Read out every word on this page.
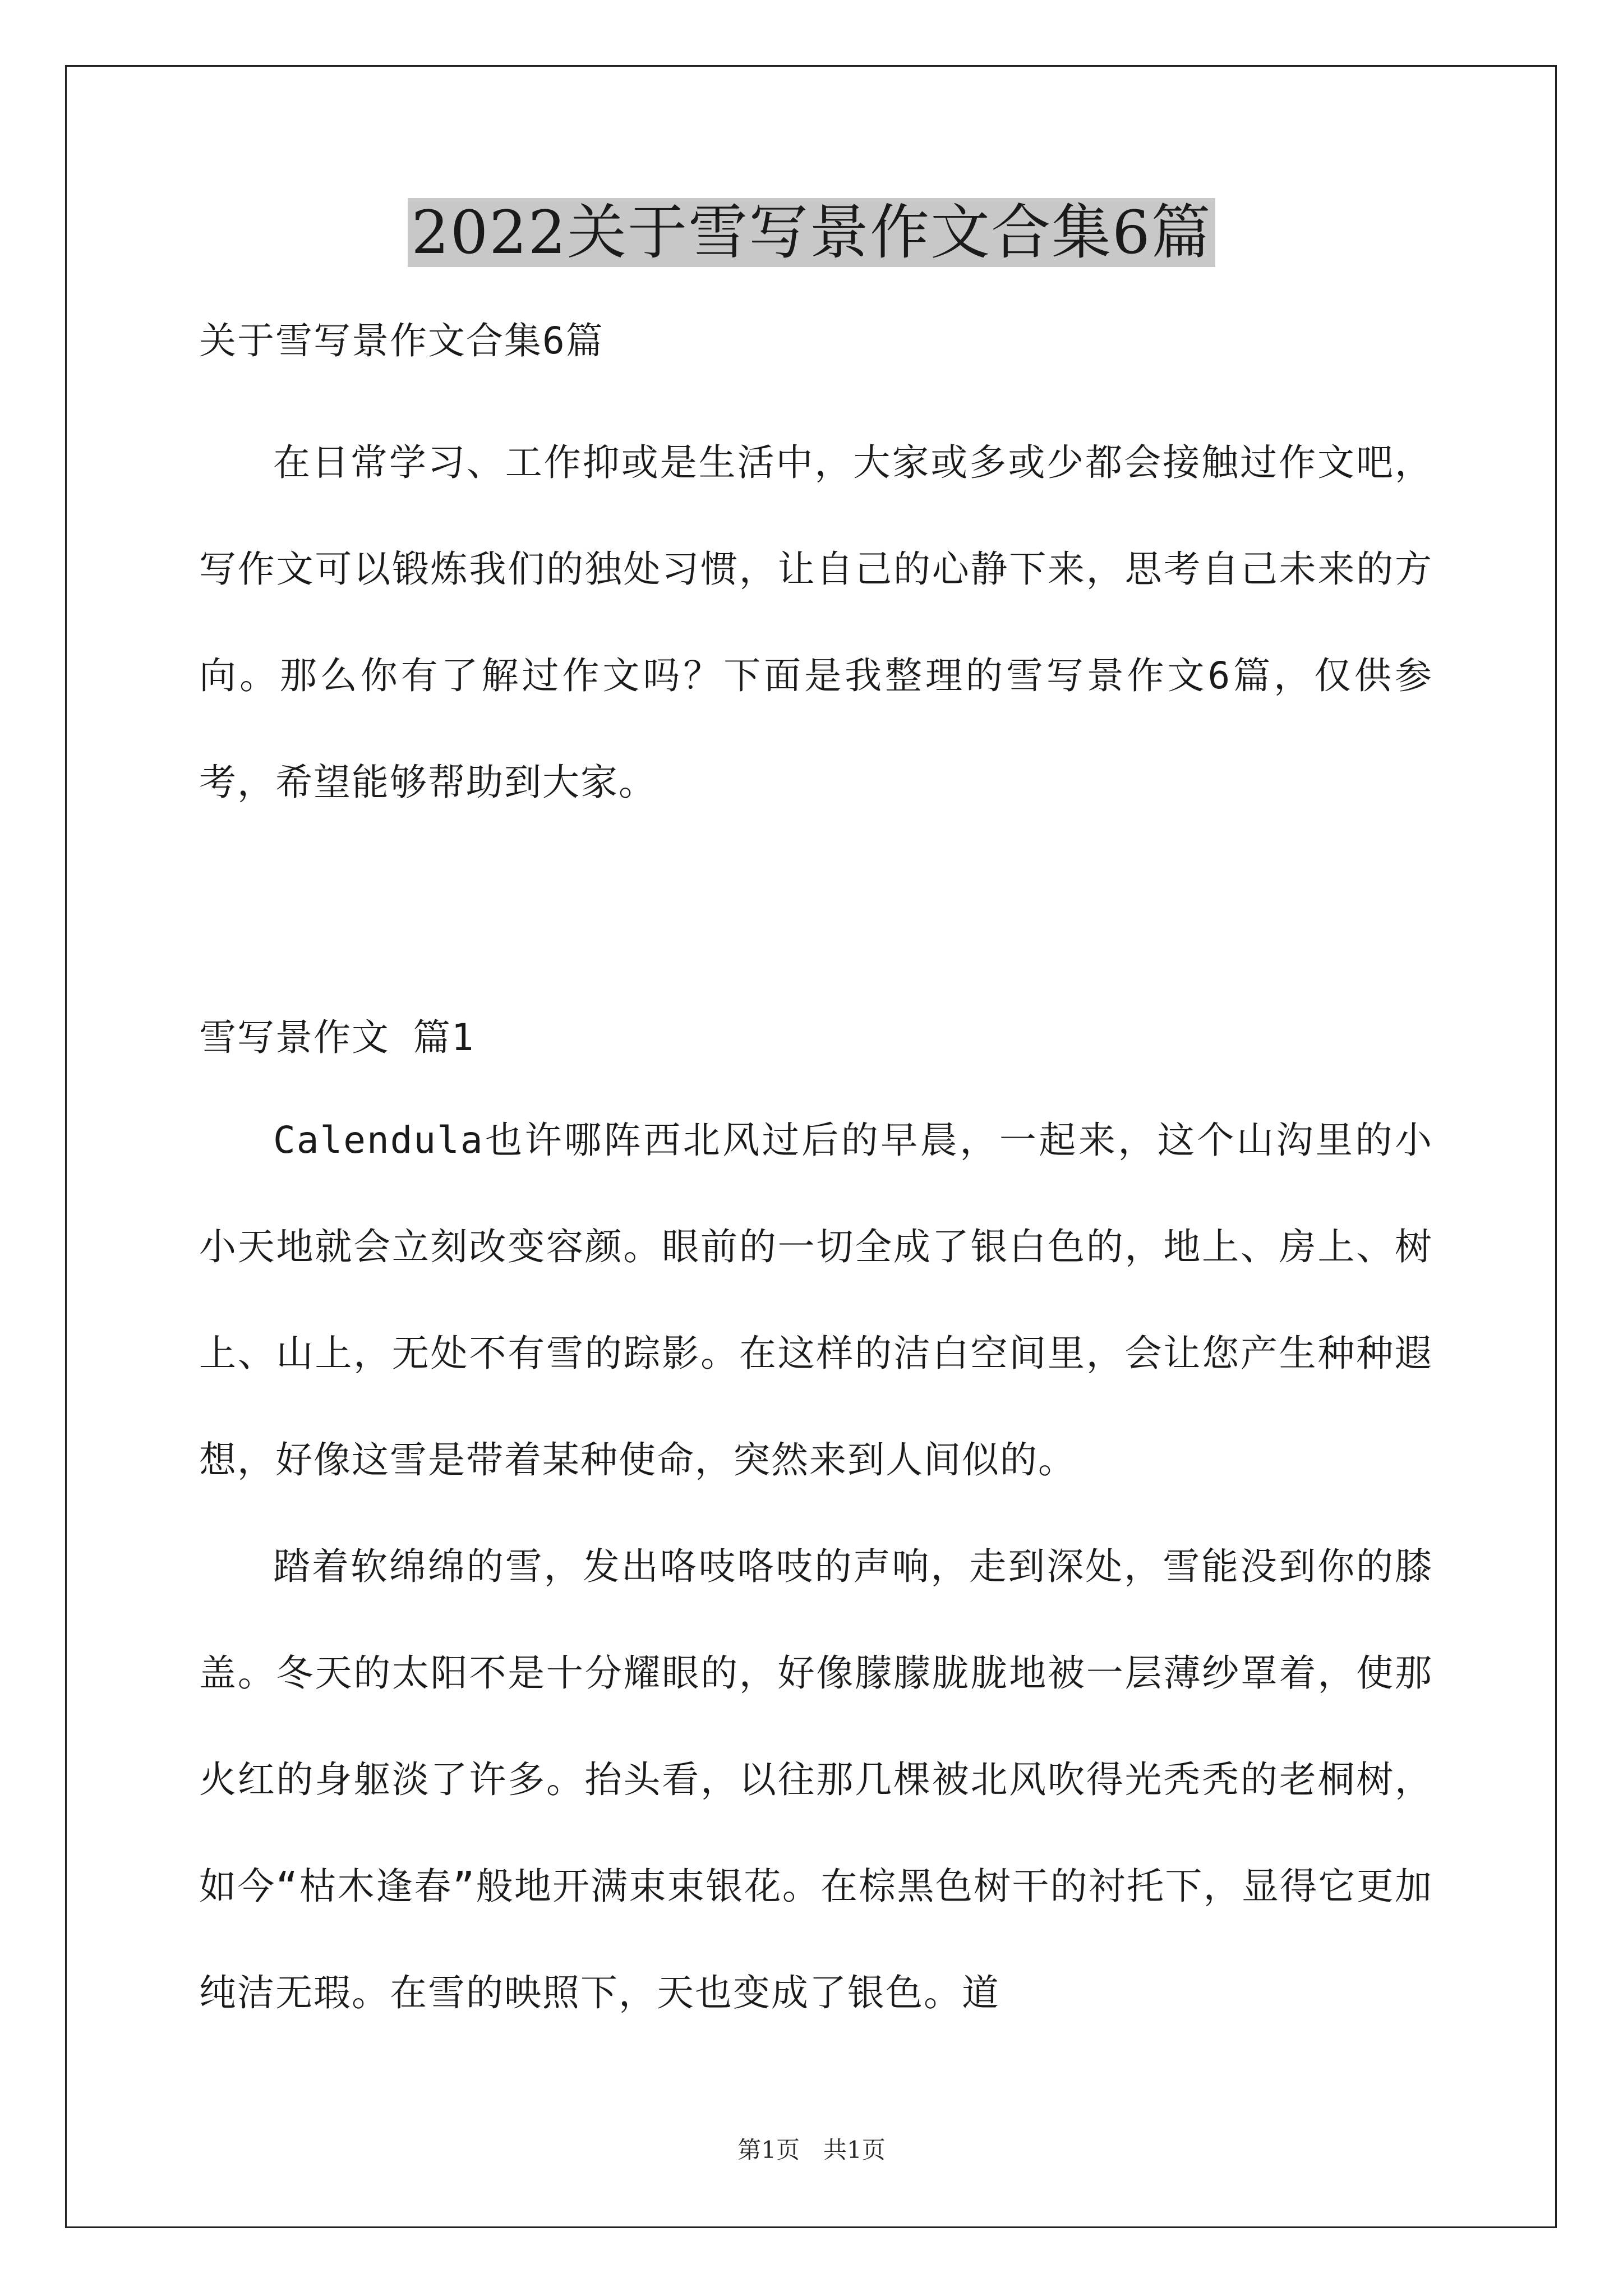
2022关于雪写景作文合集6篇

关于雪写景作文合集6篇

在日常学习、工作抑或是生活中，大家或多或少都会接触过作文吧，写作文可以锻炼我们的独处习惯，让自己的心静下来，思考自己未来的方向。那么你有了解过作文吗？下面是我整理的雪写景作文6篇，仅供参考，希望能够帮助到大家。

雪写景作文 篇1

Calendula也许哪阵西北风过后的早晨，一起来，这个山沟里的小小天地就会立刻改变容颜。眼前的一切全成了银白色的，地上、房上、树上、山上，无处不有雪的踪影。在这样的洁白空间里，会让您产生种种遐想，好像这雪是带着某种使命，突然来到人间似的。

踏着软绵绵的雪，发出咯吱咯吱的声响，走到深处，雪能没到你的膝盖。冬天的太阳不是十分耀眼的，好像朦朦胧胧地被一层薄纱罩着，使那火红的身躯淡了许多。抬头看，以往那几棵被北风吹得光秃秃的老桐树，如今“枯木逢春”般地开满束束银花。在棕黑色树干的衬托下，显得它更加纯洁无瑕。在雪的映照下，天也变成了银色。道

第1页　共1页
